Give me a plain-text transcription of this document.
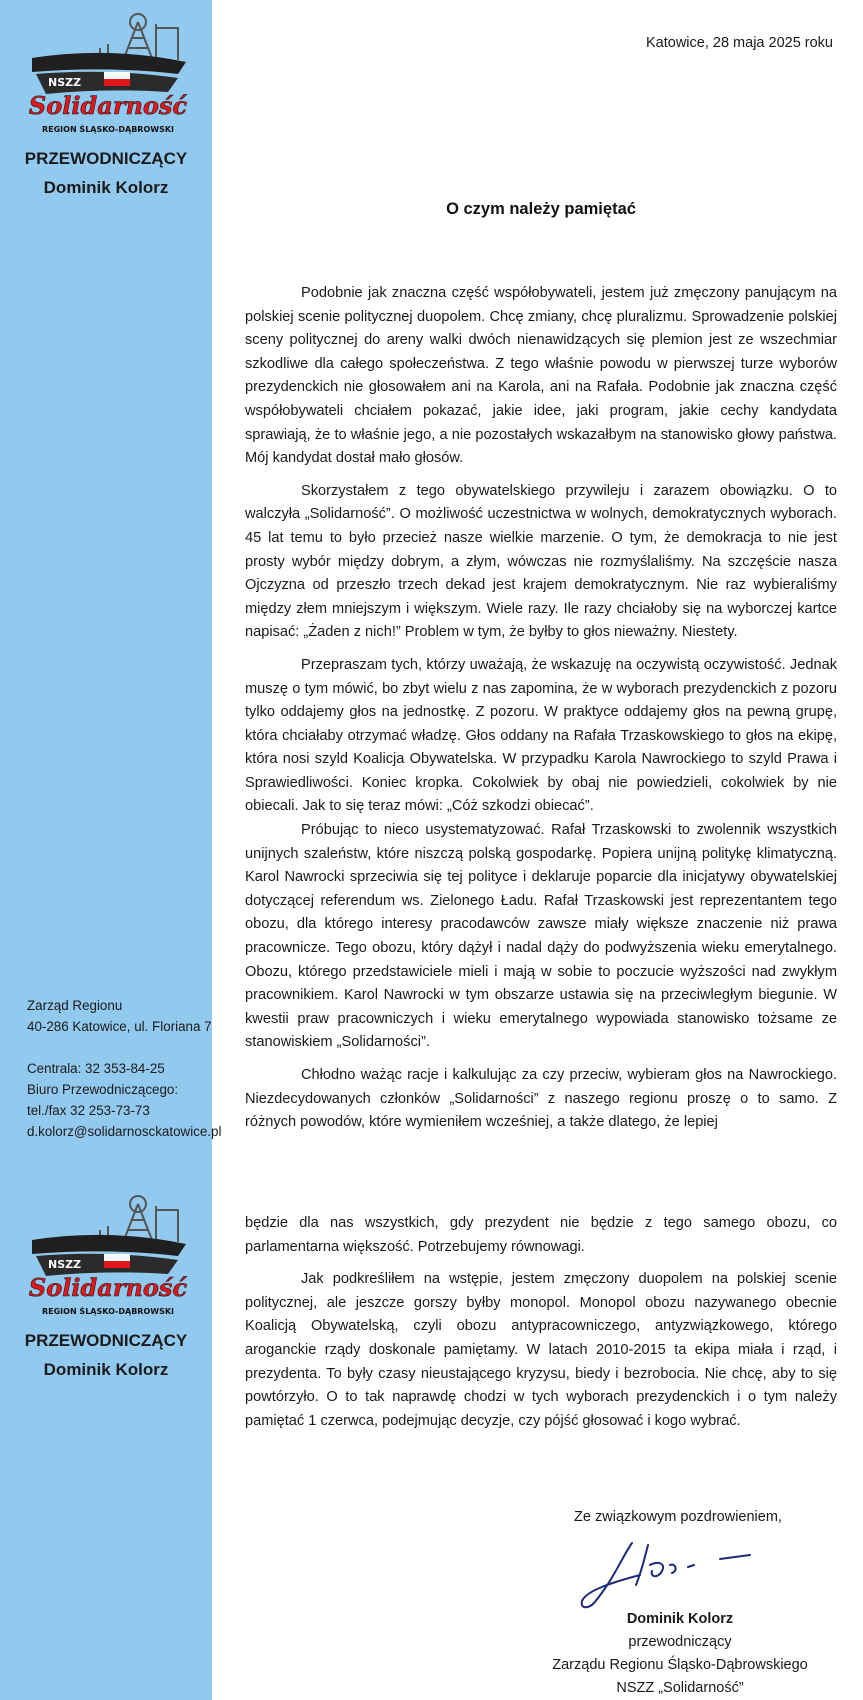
NSZZ
Solidarność
REGION ŚLĄSKO-DĄBROWSKI
PRZEWODNICZĄCY
Dominik Kolorz
Zarząd Regionu
40-286 Katowice, ul. Floriana 7
Centrala: 32 353-84-25
Biuro Przewodniczącego:
tel./fax 32 253-73-73
d.kolorz@solidarnosckatowice.pl
NSZZ
Solidarność
REGION ŚLĄSKO-DĄBROWSKI
PRZEWODNICZĄCY
Dominik Kolorz
Katowice, 28 maja 2025 roku
O czym należy pamiętać

Podobnie jak znaczna część współobywateli, jestem już zmęczony panującym na polskiej scenie politycznej duopolem. Chcę zmiany, chcę pluralizmu. Sprowadzenie polskiej sceny politycznej do areny walki dwóch nienawidzących się plemion jest ze wszechmiar szkodliwe dla całego społeczeństwa. Z tego właśnie powodu w pierwszej turze wyborów prezydenckich nie głosowałem ani na Karola, ani na Rafała. Podobnie jak znaczna część współobywateli chciałem pokazać, jakie idee, jaki program, jakie cechy kandydata sprawiają, że to właśnie jego, a nie pozostałych wskazałbym na stanowisko głowy państwa. Mój kandydat dostał mało głosów.

Skorzystałem z tego obywatelskiego przywileju i zarazem obowiązku. O to walczyła „Solidarność”. O możliwość uczestnictwa w wolnych, demokratycznych wyborach. 45 lat temu to było przecież nasze wielkie marzenie. O tym, że demokracja to nie jest prosty wybór między dobrym, a złym, wówczas nie rozmyślaliśmy. Na szczęście nasza Ojczyzna od przeszło trzech dekad jest krajem demokratycznym. Nie raz wybieraliśmy między złem mniejszym i większym. Wiele razy. Ile razy chciałoby się na wyborczej kartce napisać: „Żaden z nich!” Problem w tym, że byłby to głos nieważny. Niestety.

Przepraszam tych, którzy uważają, że wskazuję na oczywistą oczywistość. Jednak muszę o tym mówić, bo zbyt wielu z nas zapomina, że w wyborach prezydenckich z pozoru tylko oddajemy głos na jednostkę. Z pozoru. W praktyce oddajemy głos na pewną grupę, która chciałaby otrzymać władzę. Głos oddany na Rafała Trzaskowskiego to głos na ekipę, która nosi szyld Koalicja Obywatelska. W przypadku Karola Nawrockiego to szyld Prawa i Sprawiedliwości. Koniec kropka. Cokolwiek by obaj nie powiedzieli, cokolwiek by nie obiecali. Jak to się teraz mówi: „Cóż szkodzi obiecać”.

Próbując to nieco usystematyzować. Rafał Trzaskowski to zwolennik wszystkich unijnych szaleństw, które niszczą polską gospodarkę. Popiera unijną politykę klimatyczną. Karol Nawrocki sprzeciwia się tej polityce i deklaruje poparcie dla inicjatywy obywatelskiej dotyczącej referendum ws. Zielonego Ładu. Rafał Trzaskowski jest reprezentantem tego obozu, dla którego interesy pracodawców zawsze miały większe znaczenie niż prawa pracownicze. Tego obozu, który dążył i nadal dąży do podwyższenia wieku emerytalnego. Obozu, którego przedstawiciele mieli i mają w sobie to poczucie wyższości nad zwykłym pracownikiem. Karol Nawrocki w tym obszarze ustawia się na przeciwległym biegunie. W kwestii praw pracowniczych i wieku emerytalnego wypowiada stanowisko tożsame ze stanowiskiem „Solidarności”.

Chłodno ważąc racje i kalkulując za czy przeciw, wybieram głos na Nawrockiego. Niezdecydowanych członków „Solidarności” z naszego regionu proszę o to samo. Z różnych powodów, które wymieniłem wcześniej, a także dlatego, że lepiej

będzie dla nas wszystkich, gdy prezydent nie będzie z tego samego obozu, co parlamentarna większość. Potrzebujemy równowagi.

Jak podkreśliłem na wstępie, jestem zmęczony duopolem na polskiej scenie politycznej, ale jeszcze gorszy byłby monopol. Monopol obozu nazywanego obecnie Koalicją Obywatelską, czyli obozu antypracowniczego, antyzwiązkowego, którego aroganckie rządy doskonale pamiętamy. W latach 2010-2015 ta ekipa miała i rząd, i prezydenta. To były czasy nieustającego kryzysu, biedy i bezrobocia. Nie chcę, aby to się powtórzyło. O to tak naprawdę chodzi w tych wyborach prezydenckich i o tym należy pamiętać 1 czerwca, podejmując decyzje, czy pójść głosować i kogo wybrać.

Ze związkowym pozdrowieniem,
Dominik Kolorz
przewodniczący
Zarządu Regionu Śląsko-Dąbrowskiego
NSZZ „Solidarność”
